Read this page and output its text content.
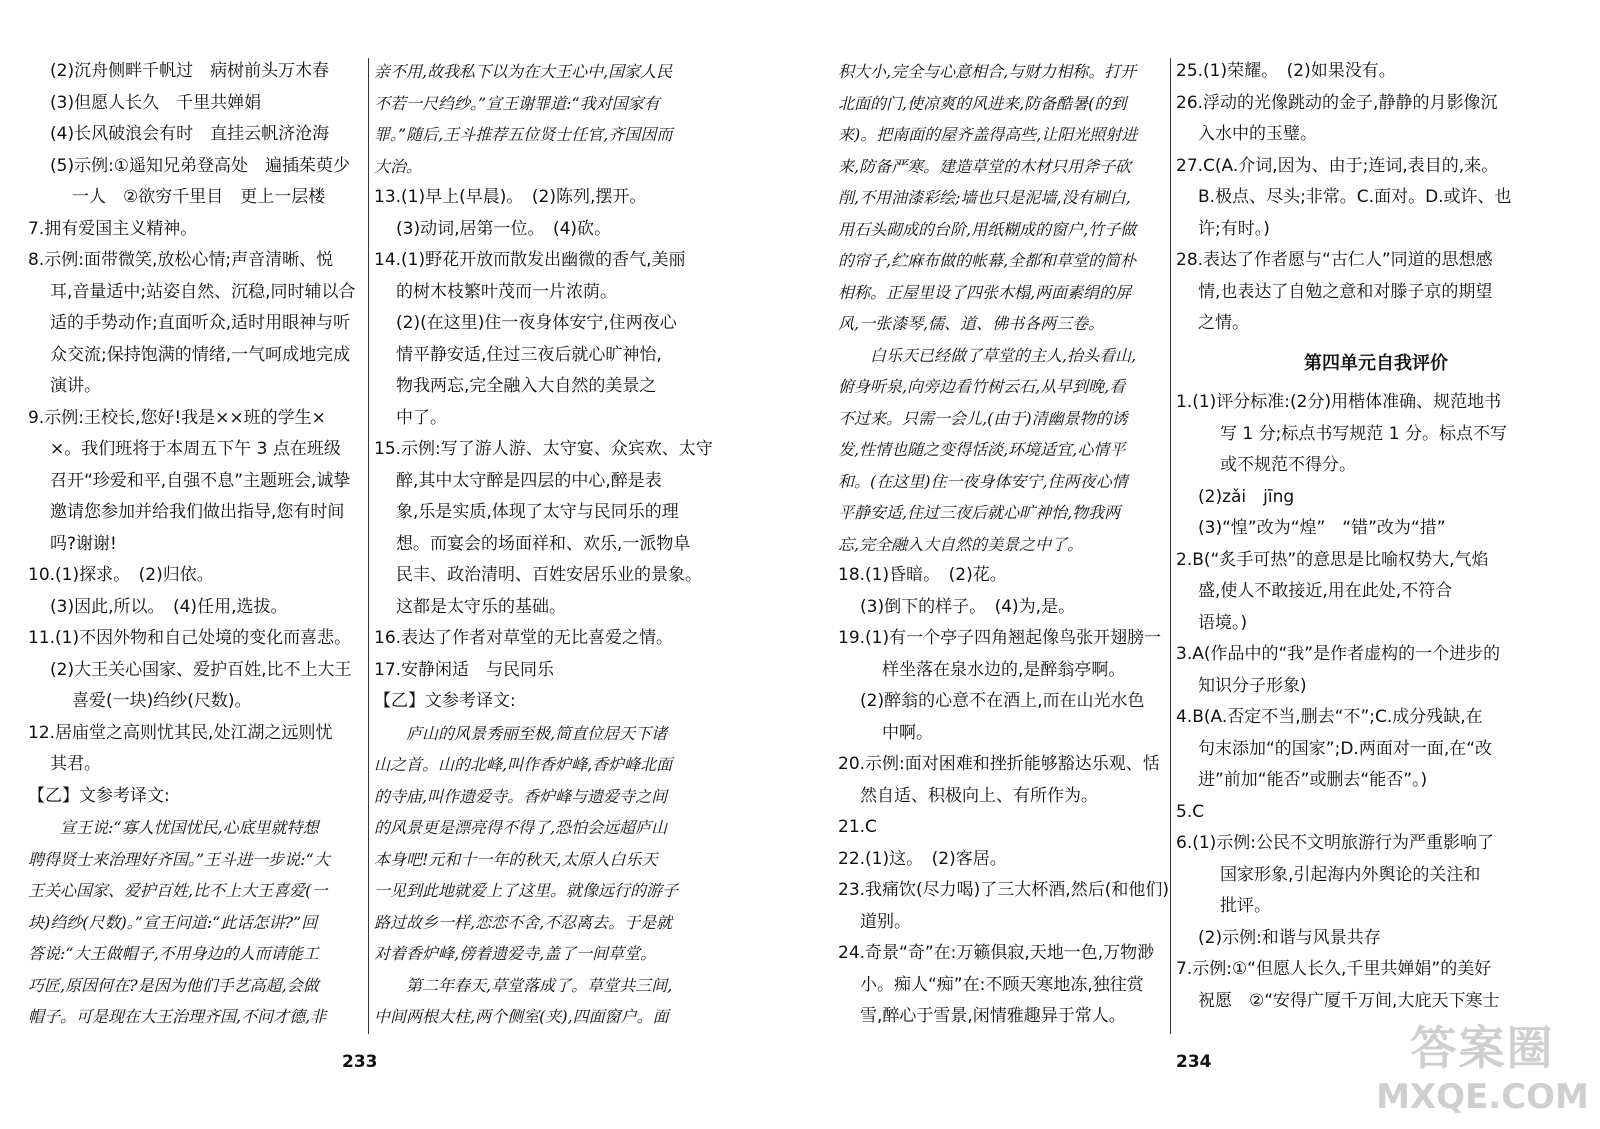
(2)沉舟侧畔千帆过　病树前头万木春

(3)但愿人长久　千里共婵娟

(4)长风破浪会有时　直挂云帆济沧海

(5)示例:①遥知兄弟登高处　遍插茱萸少

一人　②欲穷千里目　更上一层楼

7.拥有爱国主义精神。

8.示例:面带微笑,放松心情;声音清晰、悦

耳,音量适中;站姿自然、沉稳,同时辅以合

适的手势动作;直面听众,适时用眼神与听

众交流;保持饱满的情绪,一气呵成地完成

演讲。

9.示例:王校长,您好!我是××班的学生×

×。我们班将于本周五下午 3 点在班级

召开“珍爱和平,自强不息”主题班会,诚挚

邀请您参加并给我们做出指导,您有时间

吗?谢谢!

10.(1)探求。　(2)归依。

(3)因此,所以。　(4)任用,选拔。

11.(1)不因外物和自己处境的变化而喜悲。

(2)大王关心国家、爱护百姓,比不上大王

喜爱(一块)绉纱(尺数)。

12.居庙堂之高则忧其民,处江湖之远则忧

其君。

【乙】文参考译文:

宣王说:“寡人忧国忧民,心底里就特想

聘得贤士来治理好齐国。”王斗进一步说:“大

王关心国家、爱护百姓,比不上大王喜爱(一

块)绉纱(尺数)。”宣王问道:“此话怎讲?”回

答说:“大王做帽子,不用身边的人而请能工

巧匠,原因何在?是因为他们手艺高超,会做

帽子。可是现在大王治理齐国,不问才德,非

亲不用,故我私下以为在大王心中,国家人民

不若一尺绉纱。”宣王谢罪道:“我对国家有

罪。”随后,王斗推荐五位贤士任官,齐国因而

大治。

13.(1)早上(早晨)。　(2)陈列,摆开。

(3)动词,居第一位。　(4)砍。

14.(1)野花开放而散发出幽微的香气,美丽

的树木枝繁叶茂而一片浓荫。

(2)(在这里)住一夜身体安宁,住两夜心

情平静安适,住过三夜后就心旷神怡,

物我两忘,完全融入大自然的美景之

中了。

15.示例:写了游人游、太守宴、众宾欢、太守

醉,其中太守醉是四层的中心,醉是表

象,乐是实质,体现了太守与民同乐的理

想。而宴会的场面祥和、欢乐,一派物阜

民丰、政治清明、百姓安居乐业的景象。

这都是太守乐的基础。

16.表达了作者对草堂的无比喜爱之情。

17.安静闲适　与民同乐

【乙】文参考译文:

庐山的风景秀丽至极,简直位居天下诸

山之首。山的北峰,叫作香炉峰,香炉峰北面

的寺庙,叫作遗爱寺。香炉峰与遗爱寺之间

的风景更是漂亮得不得了,恐怕会远超庐山

本身吧!元和十一年的秋天,太原人白乐天

一见到此地就爱上了这里。就像远行的游子

路过故乡一样,恋恋不舍,不忍离去。于是就

对着香炉峰,傍着遗爱寺,盖了一间草堂。

第二年春天,草堂落成了。草堂共三间,

中间两根大柱,两个侧室(夹),四面窗户。面

233

积大小,完全与心意相合,与财力相称。打开

北面的门,使凉爽的风进来,防备酷暑(的到

来)。把南面的屋齐盖得高些,让阳光照射进

来,防备严寒。建造草堂的木材只用斧子砍

削,不用油漆彩绘;墙也只是泥墙,没有刷白,

用石头砌成的台阶,用纸糊成的窗户,竹子做

的帘子,纻麻布做的帐幕,全都和草堂的简朴

相称。正屋里设了四张木榻,两面素绢的屏

风,一张漆琴,儒、道、佛书各两三卷。

白乐天已经做了草堂的主人,抬头看山,

俯身听泉,向旁边看竹树云石,从早到晚,看

不过来。只需一会儿,(由于)清幽景物的诱

发,性情也随之变得恬淡,环境适宜,心情平

和。(在这里)住一夜身体安宁,住两夜心情

平静安适,住过三夜后就心旷神怡,物我两

忘,完全融入大自然的美景之中了。

18.(1)昏暗。　(2)花。

(3)倒下的样子。　(4)为,是。

19.(1)有一个亭子四角翘起像鸟张开翅膀一

样坐落在泉水边的,是醉翁亭啊。

(2)醉翁的心意不在酒上,而在山光水色

中啊。

20.示例:面对困难和挫折能够豁达乐观、恬

然自适、积极向上、有所作为。

21.C

22.(1)这。　(2)客居。

23.我痛饮(尽力喝)了三大杯酒,然后(和他们)

道别。

24.奇景“奇”在:万籁俱寂,天地一色,万物渺

小。痴人“痴”在:不顾天寒地冻,独往赏

雪,醉心于雪景,闲情雅趣异于常人。

25.(1)荣耀。　(2)如果没有。

26.浮动的光像跳动的金子,静静的月影像沉

入水中的玉璧。

27.C(A.介词,因为、由于;连词,表目的,来。

B.极点、尽头;非常。C.面对。D.或许、也

许;有时。)

28.表达了作者愿与“古仁人”同道的思想感

情,也表达了自勉之意和对滕子京的期望

之情。

第四单元自我评价

1.(1)评分标准:(2分)用楷体准确、规范地书

写 1 分;标点书写规范 1 分。标点不写

或不规范不得分。

(2)zǎi　jīng

(3)“惶”改为“煌”　“错”改为“措”

2.B(“炙手可热”的意思是比喻权势大,气焰

盛,使人不敢接近,用在此处,不符合

语境。)

3.A(作品中的“我”是作者虚构的一个进步的

知识分子形象)

4.B(A.否定不当,删去“不”;C.成分残缺,在

句末添加“的国家”;D.两面对一面,在“改

进”前加“能否”或删去“能否”。)

5.C

6.(1)示例:公民不文明旅游行为严重影响了

国家形象,引起海内外舆论的关注和

批评。

(2)示例:和谐与风景共存

7.示例:①“但愿人长久,千里共婵娟”的美好

祝愿　②“安得广厦千万间,大庇天下寒士

234	答案圈
MXQE.COM
